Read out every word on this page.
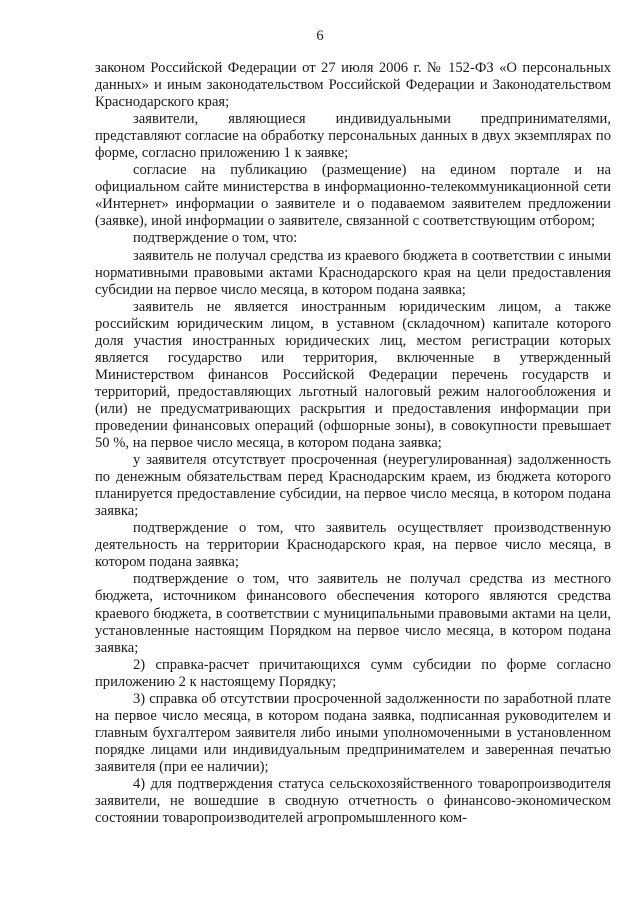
6

законом Российской Федерации от 27 июля 2006 г. № 152-ФЗ «О персональных данных» и иным законодательством Российской Федерации и Законодательством Краснодарского края;

заявители, являющиеся индивидуальными предпринимателями, представляют согласие на обработку персональных данных в двух экземплярах по форме, согласно приложению 1 к заявке;

согласие на публикацию (размещение) на едином портале и на официальном сайте министерства в информационно-телекоммуникационной сети «Интернет» информации о заявителе и о подаваемом заявителем предложении (заявке), иной информации о заявителе, связанной с соответствующим отбором;

подтверждение о том, что:

заявитель не получал средства из краевого бюджета в соответствии с иными нормативными правовыми актами Краснодарского края на цели предоставления субсидии на первое число месяца, в котором подана заявка;

заявитель не является иностранным юридическим лицом, а также российским юридическим лицом, в уставном (складочном) капитале которого доля участия иностранных юридических лиц, местом регистрации которых является государство или территория, включенные в утвержденный Министерством финансов Российской Федерации перечень государств и территорий, предоставляющих льготный налоговый режим налогообложения и (или) не предусматривающих раскрытия и предоставления информации при проведении финансовых операций (офшорные зоны), в совокупности превышает 50 %, на первое число месяца, в котором подана заявка;

у заявителя отсутствует просроченная (неурегулированная) задолженность по денежным обязательствам перед Краснодарским краем, из бюджета которого планируется предоставление субсидии, на первое число месяца, в котором подана заявка;

подтверждение о том, что заявитель осуществляет производственную деятельность на территории Краснодарского края, на первое число месяца, в котором подана заявка;

подтверждение о том, что заявитель не получал средства из местного бюджета, источником финансового обеспечения которого являются средства краевого бюджета, в соответствии с муниципальными правовыми актами на цели, установленные настоящим Порядком на первое число месяца, в котором подана заявка;

2) справка-расчет причитающихся сумм субсидии по форме согласно приложению 2 к настоящему Порядку;

3) справка об отсутствии просроченной задолженности по заработной плате на первое число месяца, в котором подана заявка, подписанная руководителем и главным бухгалтером заявителя либо иными уполномоченными в установленном порядке лицами или индивидуальным предпринимателем и заверенная печатью заявителя (при ее наличии);

4) для подтверждения статуса сельскохозяйственного товаропроизводителя заявители, не вошедшие в сводную отчетность о финансово-экономическом состоянии товаропроизводителей агропромышленного ком-
